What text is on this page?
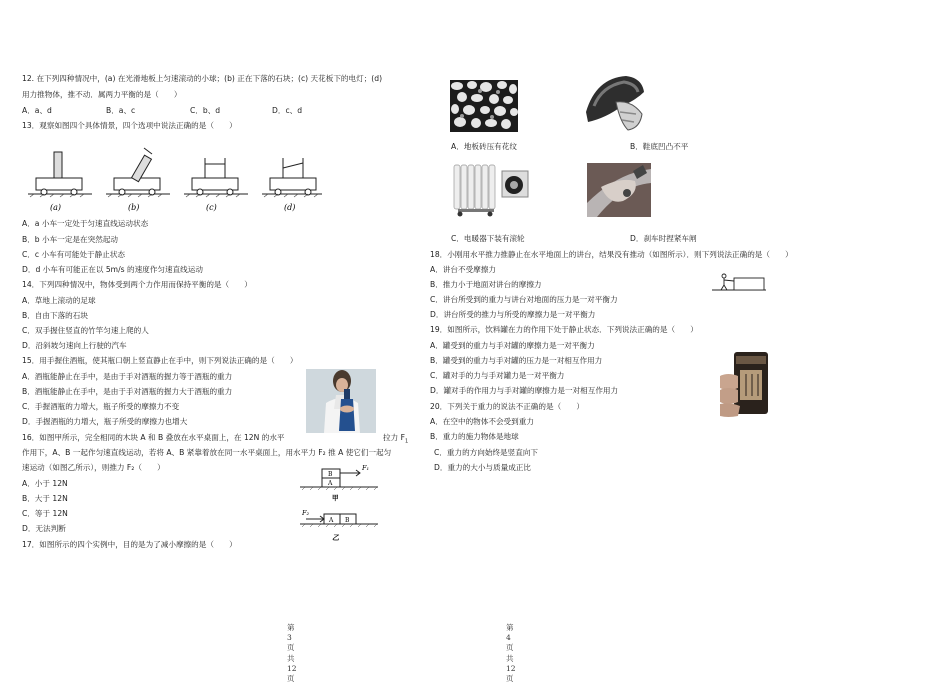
12. 在下列四种情况中，(a) 在光滑地板上匀速滚动的小球；(b) 正在下落的石块；(c) 天花板下的电灯；(d)
用力推物体，推不动．属两力平衡的是（　　）
A．a、d	B．a、c	C．b、d	D．c、d
13．观察如图四个具体情景，四个选项中说法正确的是（　　）
(a)	(b)	(c)	(d)
A．a 小车一定处于匀速直线运动状态
B．b 小车一定是在突然起动
C．c 小车有可能处于静止状态
D．d 小车有可能正在以 5m/s 的速度作匀速直线运动
14．下列四种情况中，物体受到两个力作用而保持平衡的是（　　）
A．草地上滚动的足球
B．自由下落的石块
C．双手握住竖直的竹竿匀速上爬的人
D．沿斜坡匀速向上行驶的汽车
15．用手握住酒瓶，使其瓶口朝上竖直静止在手中，则下列说法正确的是（　　）
A．酒瓶能静止在手中，是由于手对酒瓶的握力等于酒瓶的重力
B．酒瓶能静止在手中，是由于手对酒瓶的握力大于酒瓶的重力
C．手握酒瓶的力增大，瓶子所受的摩擦力不变
D．手握酒瓶的力增大，瓶子所受的摩擦力也增大
16．如图甲所示，完全相同的木块 A 和 B 叠放在水平桌面上，在 12N 的水平	拉力 $F_1$
作用下，A、B 一起作匀速直线运动，若将 A、B 紧靠着放在同一水平桌面上，用水平力 F₂ 推 A 使它们一起匀
速运动（如图乙所示），则推力 F₂（　　）
A．小于 12N
B．大于 12N
C．等于 12N
D．无法判断
B
A
F₁
甲
A B
F₂
乙
17．如图所示的四个实例中，目的是为了减小摩擦的是（　　）
第 3 页 共 12 页
A．地板砖压有花纹	B．鞋底凹凸不平
C．电暖器下装有滚轮	D．刹车时捏紧车闸
18．小刚用水平推力推静止在水平地面上的讲台，结果没有推动（如图所示）．则下列说法正确的是（　　）
A．讲台不受摩擦力
B．推力小于地面对讲台的摩擦力
C．讲台所受到的重力与讲台对地面的压力是一对平衡力
D．讲台所受的推力与所受的摩擦力是一对平衡力
19．如图所示，饮料罐在力的作用下处于静止状态．下列说法正确的是（　　）
A．罐受到的重力与手对罐的摩擦力是一对平衡力
B．罐受到的重力与手对罐的压力是一对相互作用力
C．罐对手的力与手对罐力是一对平衡力
D．罐对手的作用力与手对罐的摩擦力是一对相互作用力
20．下列关于重力的说法不正确的是（　　）
A．在空中的物体不会受到重力
B．重力的施力物体是地球
C．重力的方向始终是竖直向下
D．重力的大小与质量成正比
第 4 页 共 12 页
